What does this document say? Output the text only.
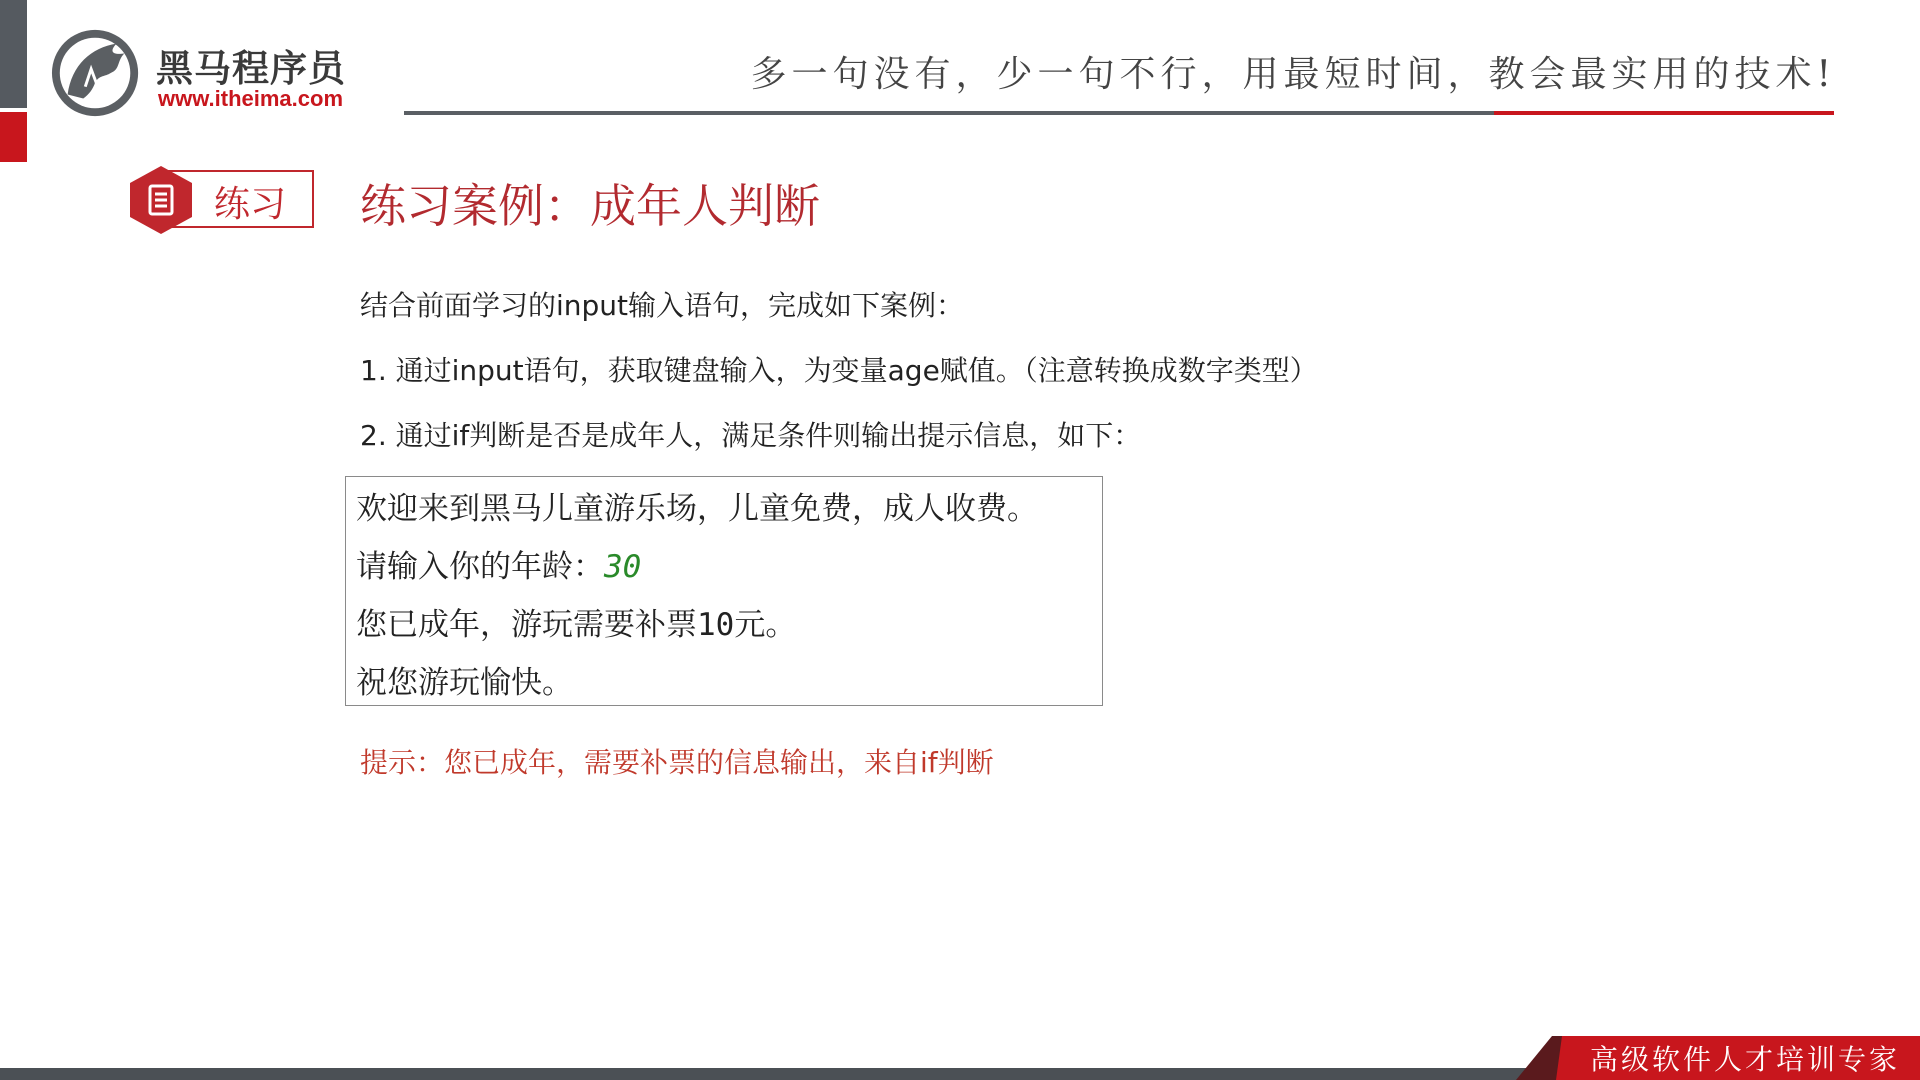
黑马程序员
www.itheima.com
多一句没有，少一句不行，用最短时间，教会最实用的技术!
练习 练习案例：成年人判断
结合前面学习的input输入语句，完成如下案例：
1. 通过input语句，获取键盘输入，为变量age赋值。（注意转换成数字类型）
2. 通过if判断是否是成年人，满足条件则输出提示信息，如下：
欢迎来到黑马儿童游乐场，儿童免费，成人收费。
请输入你的年龄：30
您已成年，游玩需要补票10元。
祝您游玩愉快。
提示：您已成年，需要补票的信息输出，来自if判断
高级软件人才培训专家
